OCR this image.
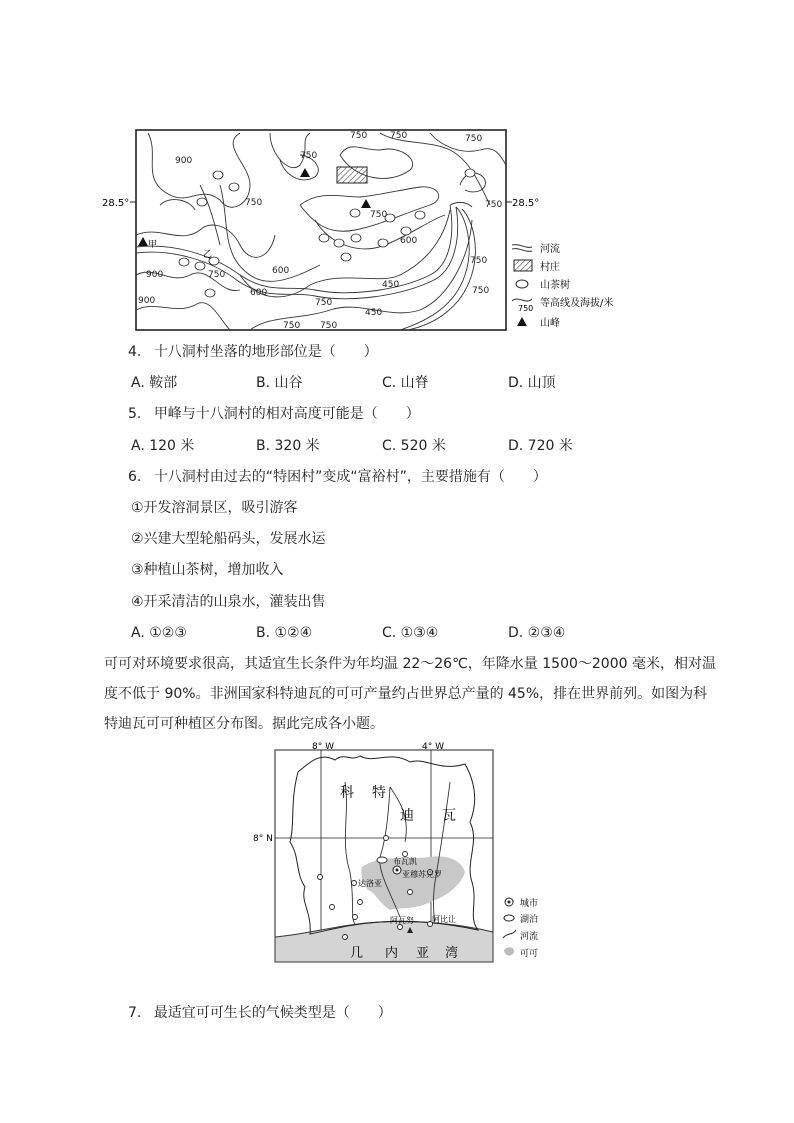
28.5°	28.5°
750	750	750
900	750
750
750
750
600
600
750
450
750
450
900
900
750 750
750
600
750
甲
乙	河流
村庄
山茶树
750 等高线及海拔/米
山峰
4. 十八洞村坐落的地形部位是（　　）
A. 鞍部	B. 山谷	C. 山脊	D. 山顶
5. 甲峰与十八洞村的相对高度可能是（　　）
A. 120 米	B. 320 米	C. 520 米	D. 720 米
6. 十八洞村由过去的“特困村”变成“富裕村”，主要措施有（　　）
①开发溶洞景区，吸引游客
②兴建大型轮船码头，发展水运
③种植山茶树，增加收入
④开采清洁的山泉水，灌装出售
A. ①②③	B. ①②④	C. ①③④	D. ②③④
可可对环境要求很高，其适宜生长条件为年均温 22～26℃，年降水量 1500～2000 毫米，相对温
度不低于 90%。非洲国家科特迪瓦的可可产量约占世界总产量的 45%，排在世界前列。如图为科
特迪瓦可可种植区分布图。据此完成各小题。
8° W	4° W
8° N
布瓦凯
亚穆苏克罗
达洛亚
阿瓦努 阿比让
科 特
迪 瓦
几 内 亚 湾
城市
湖泊
河流
可可
7. 最适宜可可生长的气候类型是（　　）
